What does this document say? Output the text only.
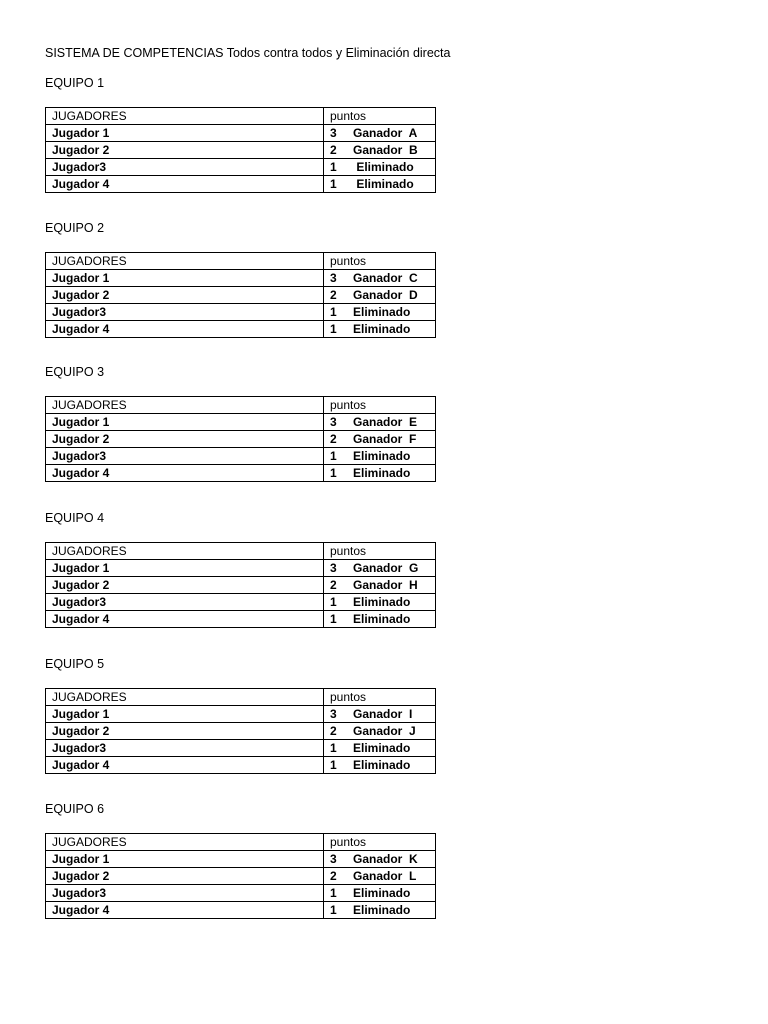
SISTEMA DE COMPETENCIAS Todos contra todos y Eliminación directa
EQUIPO 1
JUGADORES	puntos
Jugador 1	3 Ganador  A
Jugador 2	2 Ganador  B
Jugador3	1 Eliminado
Jugador 4	1 Eliminado
EQUIPO 2
JUGADORES	puntos
Jugador 1	3 Ganador  C
Jugador 2	2 Ganador  D
Jugador3	1 Eliminado
Jugador 4	1 Eliminado
EQUIPO 3
JUGADORES	puntos
Jugador 1	3 Ganador  E
Jugador 2	2 Ganador  F
Jugador3	1 Eliminado
Jugador 4	1 Eliminado
EQUIPO 4
JUGADORES	puntos
Jugador 1	3 Ganador  G
Jugador 2	2 Ganador  H
Jugador3	1 Eliminado
Jugador 4	1 Eliminado
EQUIPO 5
JUGADORES	puntos
Jugador 1	3 Ganador  I
Jugador 2	2 Ganador  J
Jugador3	1 Eliminado
Jugador 4	1 Eliminado
EQUIPO 6
JUGADORES	puntos
Jugador 1	3 Ganador  K
Jugador 2	2 Ganador  L
Jugador3	1 Eliminado
Jugador 4	1 Eliminado
